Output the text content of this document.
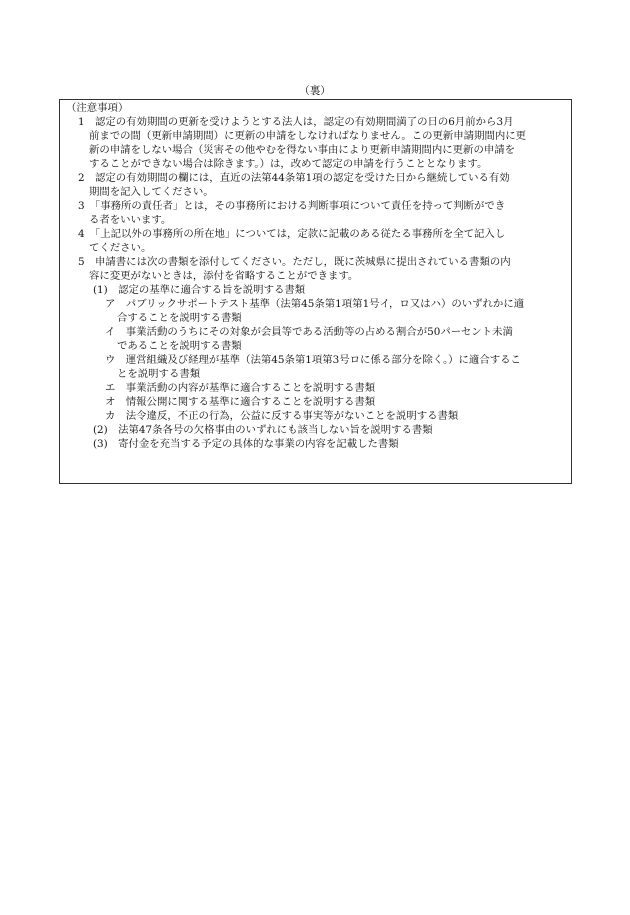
（裏）
（注意事項）
1　認定の有効期間の更新を受けようとする法人は，認定の有効期間満了の日の6月前から3月
前までの間（更新申請期間）に更新の申請をしなければなりません。この更新申請期間内に更
新の申請をしない場合（災害その他やむを得ない事由により更新申請期間内に更新の申請を
することができない場合は除きます。）は，改めて認定の申請を行うこととなります。
2　認定の有効期間の欄には，直近の法第44条第1項の認定を受けた日から継続している有効
期間を記入してください。
3　「事務所の責任者」とは，その事務所における判断事項について責任を持って判断ができ
る者をいいます。
4　「上記以外の事務所の所在地」については，定款に記載のある従たる事務所を全て記入し
てください。
5　申請書には次の書類を添付してください。ただし，既に茨城県に提出されている書類の内
容に変更がないときは，添付を省略することができます。
(1)　認定の基準に適合する旨を説明する書類
ア　パブリックサポートテスト基準（法第45条第1項第1号イ，ロ又はハ）のいずれかに適
合することを説明する書類
イ　事業活動のうちにその対象が会員等である活動等の占める割合が50パーセント未満
であることを説明する書類
ウ　運営組織及び経理が基準（法第45条第1項第3号ロに係る部分を除く。）に適合するこ
とを説明する書類
エ　事業活動の内容が基準に適合することを説明する書類
オ　情報公開に関する基準に適合することを説明する書類
カ　法令違反，不正の行為，公益に反する事実等がないことを説明する書類
(2)　法第47条各号の欠格事由のいずれにも該当しない旨を説明する書類
(3)　寄付金を充当する予定の具体的な事業の内容を記載した書類
